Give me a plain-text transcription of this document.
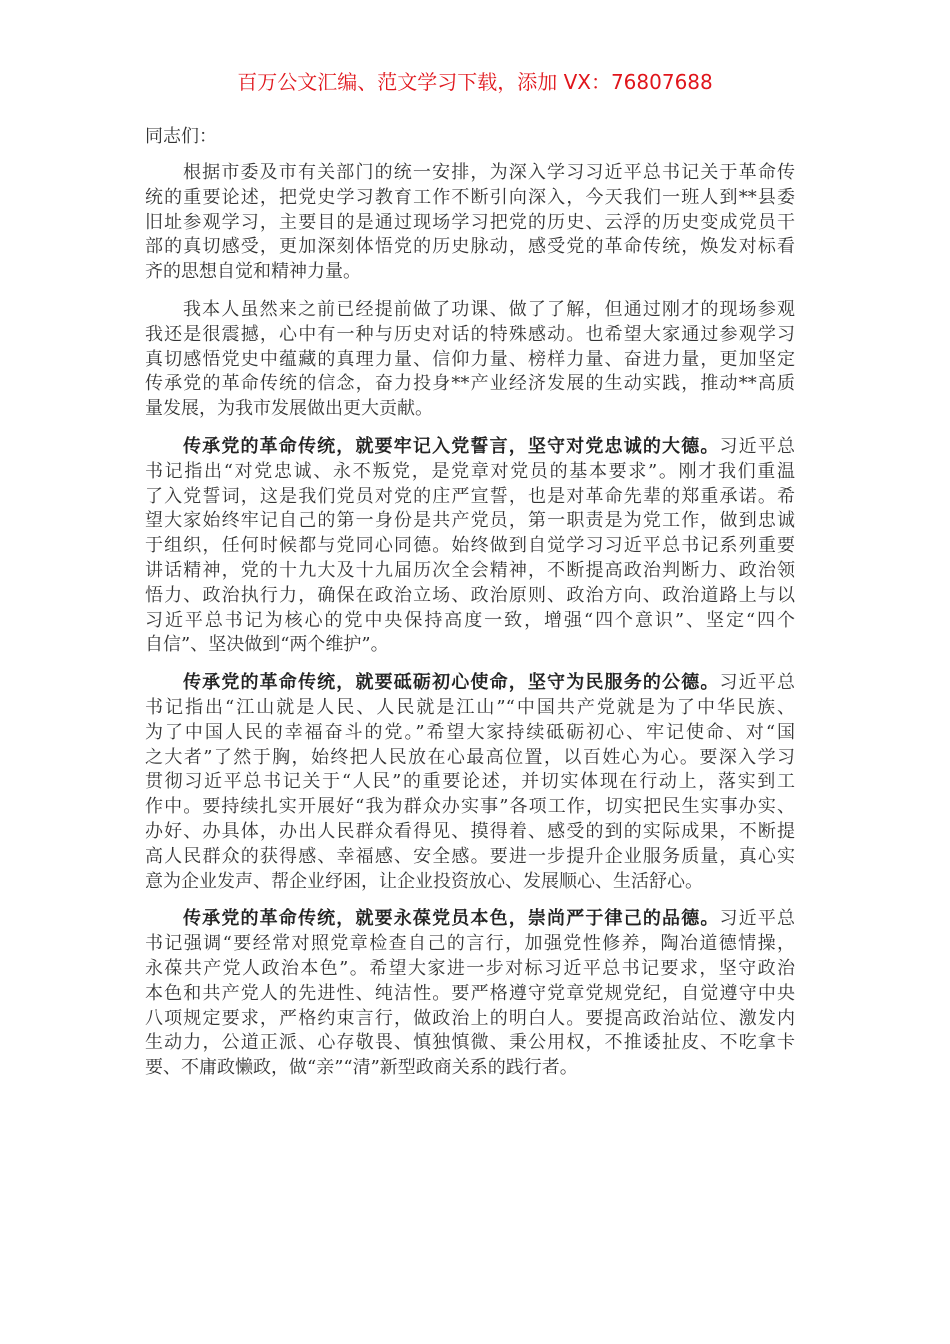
百万公文汇编、范文学习下载，添加 VX：76807688
同志们：
根据市委及市有关部门的统一安排，为深入学习习近平总书记关于革命传
统的重要论述，把党史学习教育工作不断引向深入，今天我们一班人到**县委
旧址参观学习，主要目的是通过现场学习把党的历史、云浮的历史变成党员干
部的真切感受，更加深刻体悟党的历史脉动，感受党的革命传统，焕发对标看
齐的思想自觉和精神力量。
我本人虽然来之前已经提前做了功课、做了了解，但通过刚才的现场参观
我还是很震撼，心中有一种与历史对话的特殊感动。也希望大家通过参观学习
真切感悟党史中蕴藏的真理力量、信仰力量、榜样力量、奋进力量，更加坚定
传承党的革命传统的信念，奋力投身**产业经济发展的生动实践，推动**高质
量发展，为我市发展做出更大贡献。
传承党的革命传统，就要牢记入党誓言，坚守对党忠诚的大德。习近平总
书记指出“对党忠诚、永不叛党，是党章对党员的基本要求”。刚才我们重温
了入党誓词，这是我们党员对党的庄严宣誓，也是对革命先辈的郑重承诺。希
望大家始终牢记自己的第一身份是共产党员，第一职责是为党工作，做到忠诚
于组织，任何时候都与党同心同德。始终做到自觉学习习近平总书记系列重要
讲话精神，党的十九大及十九届历次全会精神，不断提高政治判断力、政治领
悟力、政治执行力，确保在政治立场、政治原则、政治方向、政治道路上与以
习近平总书记为核心的党中央保持高度一致，增强“四个意识”、坚定“四个
自信”、坚决做到“两个维护”。
传承党的革命传统，就要砥砺初心使命，坚守为民服务的公德。习近平总
书记指出“江山就是人民、人民就是江山”“中国共产党就是为了中华民族、
为了中国人民的幸福奋斗的党。”希望大家持续砥砺初心、牢记使命、对“国
之大者”了然于胸，始终把人民放在心最高位置，以百姓心为心。要深入学习
贯彻习近平总书记关于“人民”的重要论述，并切实体现在行动上，落实到工
作中。要持续扎实开展好“我为群众办实事”各项工作，切实把民生实事办实、
办好、办具体，办出人民群众看得见、摸得着、感受的到的实际成果，不断提
高人民群众的获得感、幸福感、安全感。要进一步提升企业服务质量，真心实
意为企业发声、帮企业纾困，让企业投资放心、发展顺心、生活舒心。
传承党的革命传统，就要永葆党员本色，崇尚严于律己的品德。习近平总
书记强调“要经常对照党章检查自己的言行，加强党性修养，陶冶道德情操，
永葆共产党人政治本色”。希望大家进一步对标习近平总书记要求，坚守政治
本色和共产党人的先进性、纯洁性。要严格遵守党章党规党纪，自觉遵守中央
八项规定要求，严格约束言行，做政治上的明白人。要提高政治站位、激发内
生动力，公道正派、心存敬畏、慎独慎微、秉公用权，不推诿扯皮、不吃拿卡
要、不庸政懒政，做“亲”“清”新型政商关系的践行者。
